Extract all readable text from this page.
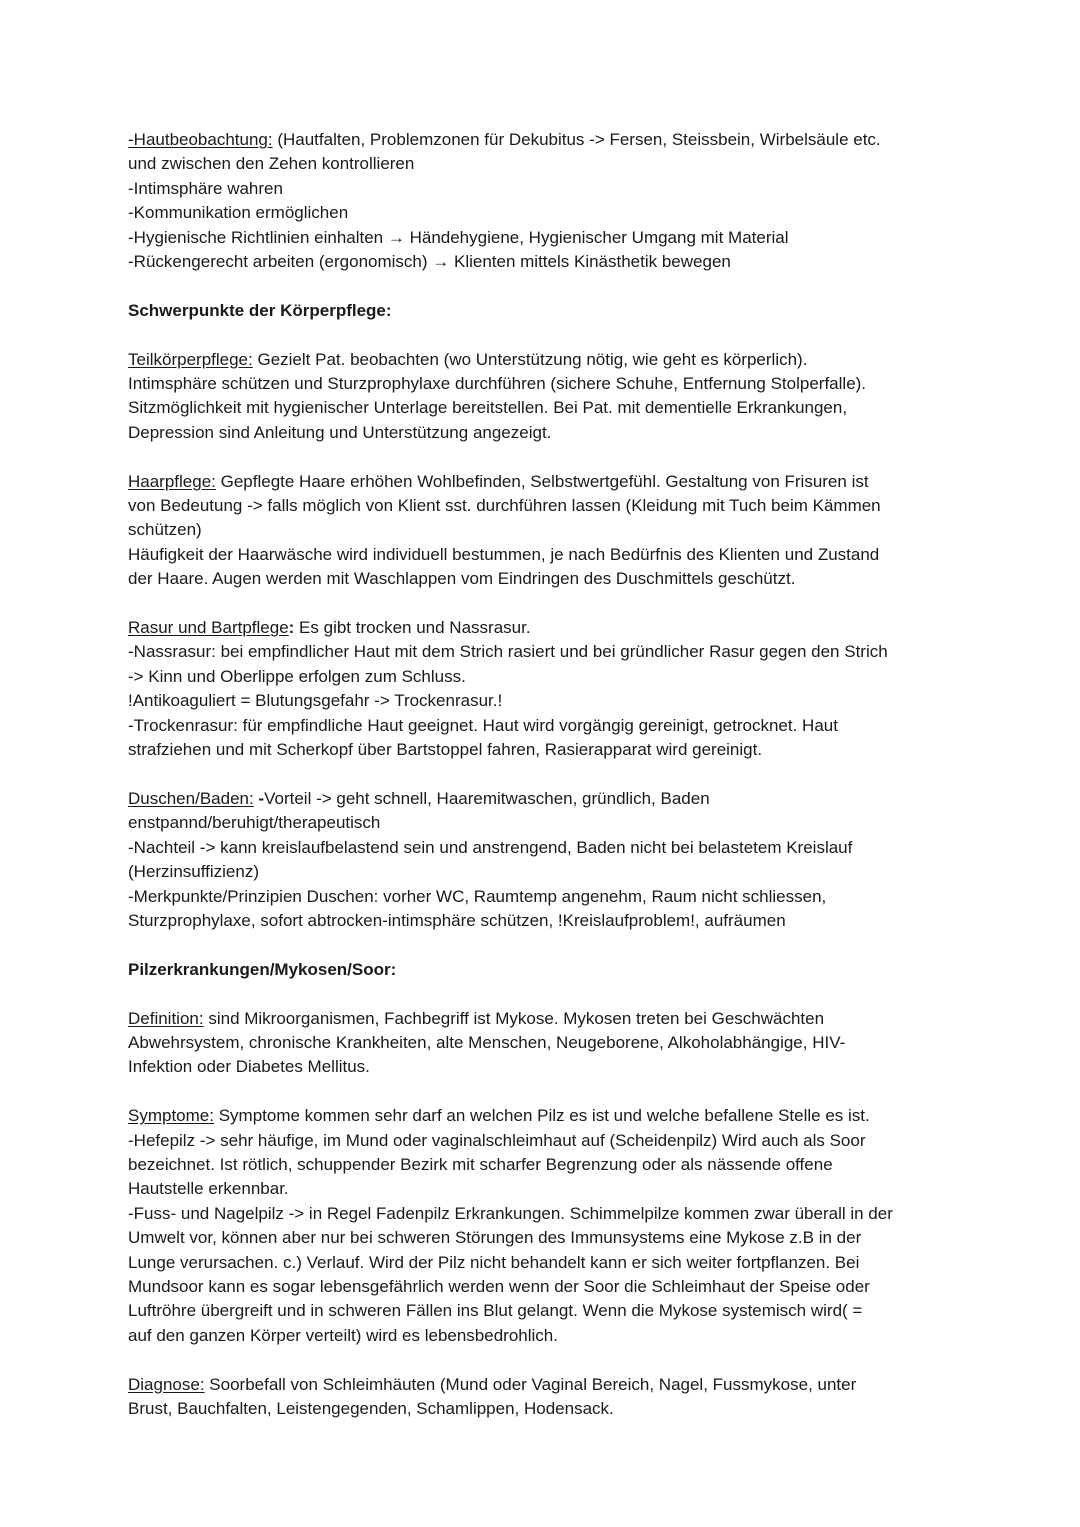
-Hautbeobachtung: (Hautfalten, Problemzonen für Dekubitus -> Fersen, Steissbein, Wirbelsäule etc.
und zwischen den Zehen kontrollieren
-Intimsphäre wahren
-Kommunikation ermöglichen
-Hygienische Richtlinien einhalten → Händehygiene, Hygienischer Umgang mit Material
-Rückengerecht arbeiten (ergonomisch) → Klienten mittels Kinästhetik bewegen
Schwerpunkte der Körperpflege:
Teilkörperpflege: Gezielt Pat. beobachten (wo Unterstützung nötig, wie geht es körperlich).
Intimsphäre schützen und Sturzprophylaxe durchführen (sichere Schuhe, Entfernung Stolperfalle).
Sitzmöglichkeit mit hygienischer Unterlage bereitstellen. Bei Pat. mit dementielle Erkrankungen,
Depression sind Anleitung und Unterstützung angezeigt.
Haarpflege: Gepflegte Haare erhöhen Wohlbefinden, Selbstwertgefühl. Gestaltung von Frisuren ist
von Bedeutung -> falls möglich von Klient sst. durchführen lassen (Kleidung mit Tuch beim Kämmen
schützen)
Häufigkeit der Haarwäsche wird individuell bestummen, je nach Bedürfnis des Klienten und Zustand
der Haare. Augen werden mit Waschlappen vom Eindringen des Duschmittels geschützt.
Rasur und Bartpflege: Es gibt trocken und Nassrasur.
-Nassrasur: bei empfindlicher Haut mit dem Strich rasiert und bei gründlicher Rasur gegen den Strich
-> Kinn und Oberlippe erfolgen zum Schluss.
!Antikoaguliert = Blutungsgefahr -> Trockenrasur.!
-Trockenrasur: für empfindliche Haut geeignet. Haut wird vorgängig gereinigt, getrocknet. Haut
strafziehen und mit Scherkopf über Bartstoppel fahren, Rasierapparat wird gereinigt.
Duschen/Baden: -Vorteil -> geht schnell, Haaremitwaschen, gründlich, Baden
enstpannd/beruhigt/therapeutisch
-Nachteil -> kann kreislaufbelastend sein und anstrengend, Baden nicht bei belastetem Kreislauf
(Herzinsuffizienz)
-Merkpunkte/Prinzipien Duschen: vorher WC, Raumtemp angenehm, Raum nicht schliessen,
Sturzprophylaxe, sofort abtrocken-intimsphäre schützen, !Kreislaufproblem!, aufräumen
Pilzerkrankungen/Mykosen/Soor:
Definition: sind Mikroorganismen, Fachbegriff ist Mykose. Mykosen treten bei Geschwächten
Abwehrsystem, chronische Krankheiten, alte Menschen, Neugeborene, Alkoholabhängige, HIV-
Infektion oder Diabetes Mellitus.
Symptome: Symptome kommen sehr darf an welchen Pilz es ist und welche befallene Stelle es ist.
-Hefepilz -> sehr häufige, im Mund oder vaginalschleimhaut auf (Scheidenpilz) Wird auch als Soor
bezeichnet. Ist rötlich, schuppender Bezirk mit scharfer Begrenzung oder als nässende offene
Hautstelle erkennbar.
-Fuss- und Nagelpilz -> in Regel Fadenpilz Erkrankungen. Schimmelpilze kommen zwar überall in der
Umwelt vor, können aber nur bei schweren Störungen des Immunsystems eine Mykose z.B in der
Lunge verursachen. c.) Verlauf. Wird der Pilz nicht behandelt kann er sich weiter fortpflanzen. Bei
Mundsoor kann es sogar lebensgefährlich werden wenn der Soor die Schleimhaut der Speise oder
Luftröhre übergreift und in schweren Fällen ins Blut gelangt. Wenn die Mykose systemisch wird( =
auf den ganzen Körper verteilt) wird es lebensbedrohlich.
Diagnose: Soorbefall von Schleimhäuten (Mund oder Vaginal Bereich, Nagel, Fussmykose, unter
Brust, Bauchfalten, Leistengegenden, Schamlippen, Hodensack.
